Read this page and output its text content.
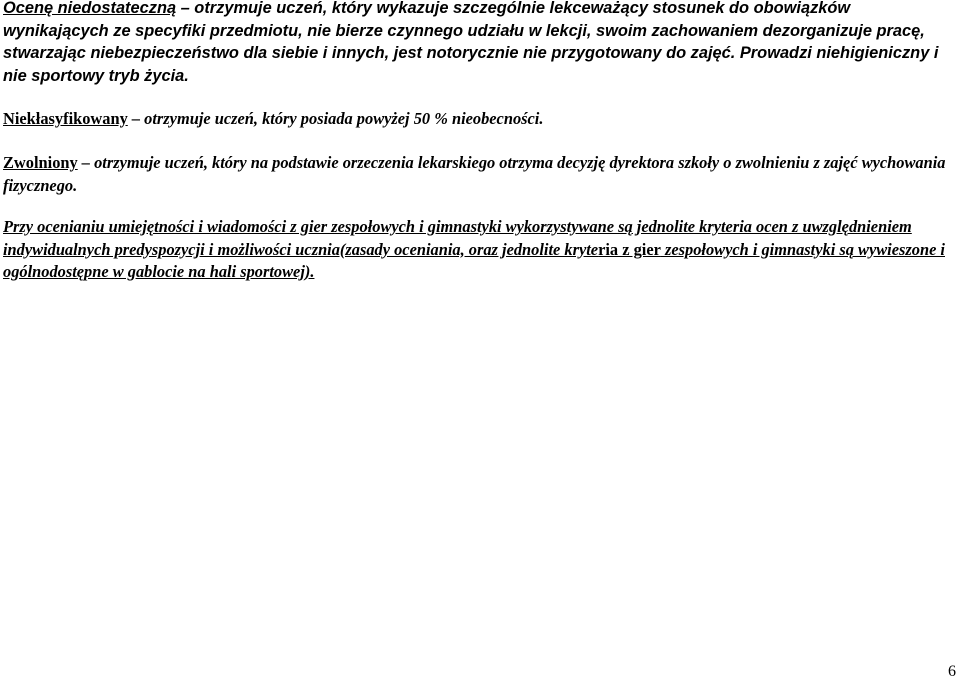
Ocenę niedostateczną – otrzymuje uczeń, który wykazuje szczególnie lekceważący stosunek do obowiązków wynikających ze specyfiki przedmiotu, nie bierze czynnego udziału w lekcji, swoim zachowaniem dezorganizuje pracę, stwarzając niebezpieczeństwo dla siebie i innych, jest notorycznie nie przygotowany do zajęć. Prowadzi niehigieniczny i nie sportowy tryb życia.

Niekłasyfikowany – otrzymuje uczeń, który posiada powyżej 50 % nieobecności.

Zwolniony – otrzymuje uczeń, który na podstawie orzeczenia lekarskiego otrzyma decyzję dyrektora szkoły o zwolnieniu z zajęć wychowania fizycznego.

Przy ocenianiu umiejętności i wiadomości z gier zespołowych i gimnastyki wykorzystywane są jednolite kryteria ocen z uwzględnieniem indywidualnych predyspozycji i możliwości ucznia(zasady oceniania, oraz jednolite kryteria z gier zespołowych i gimnastyki są wywieszone i ogólnodostępne w gablocie na hali sportowej).

6
